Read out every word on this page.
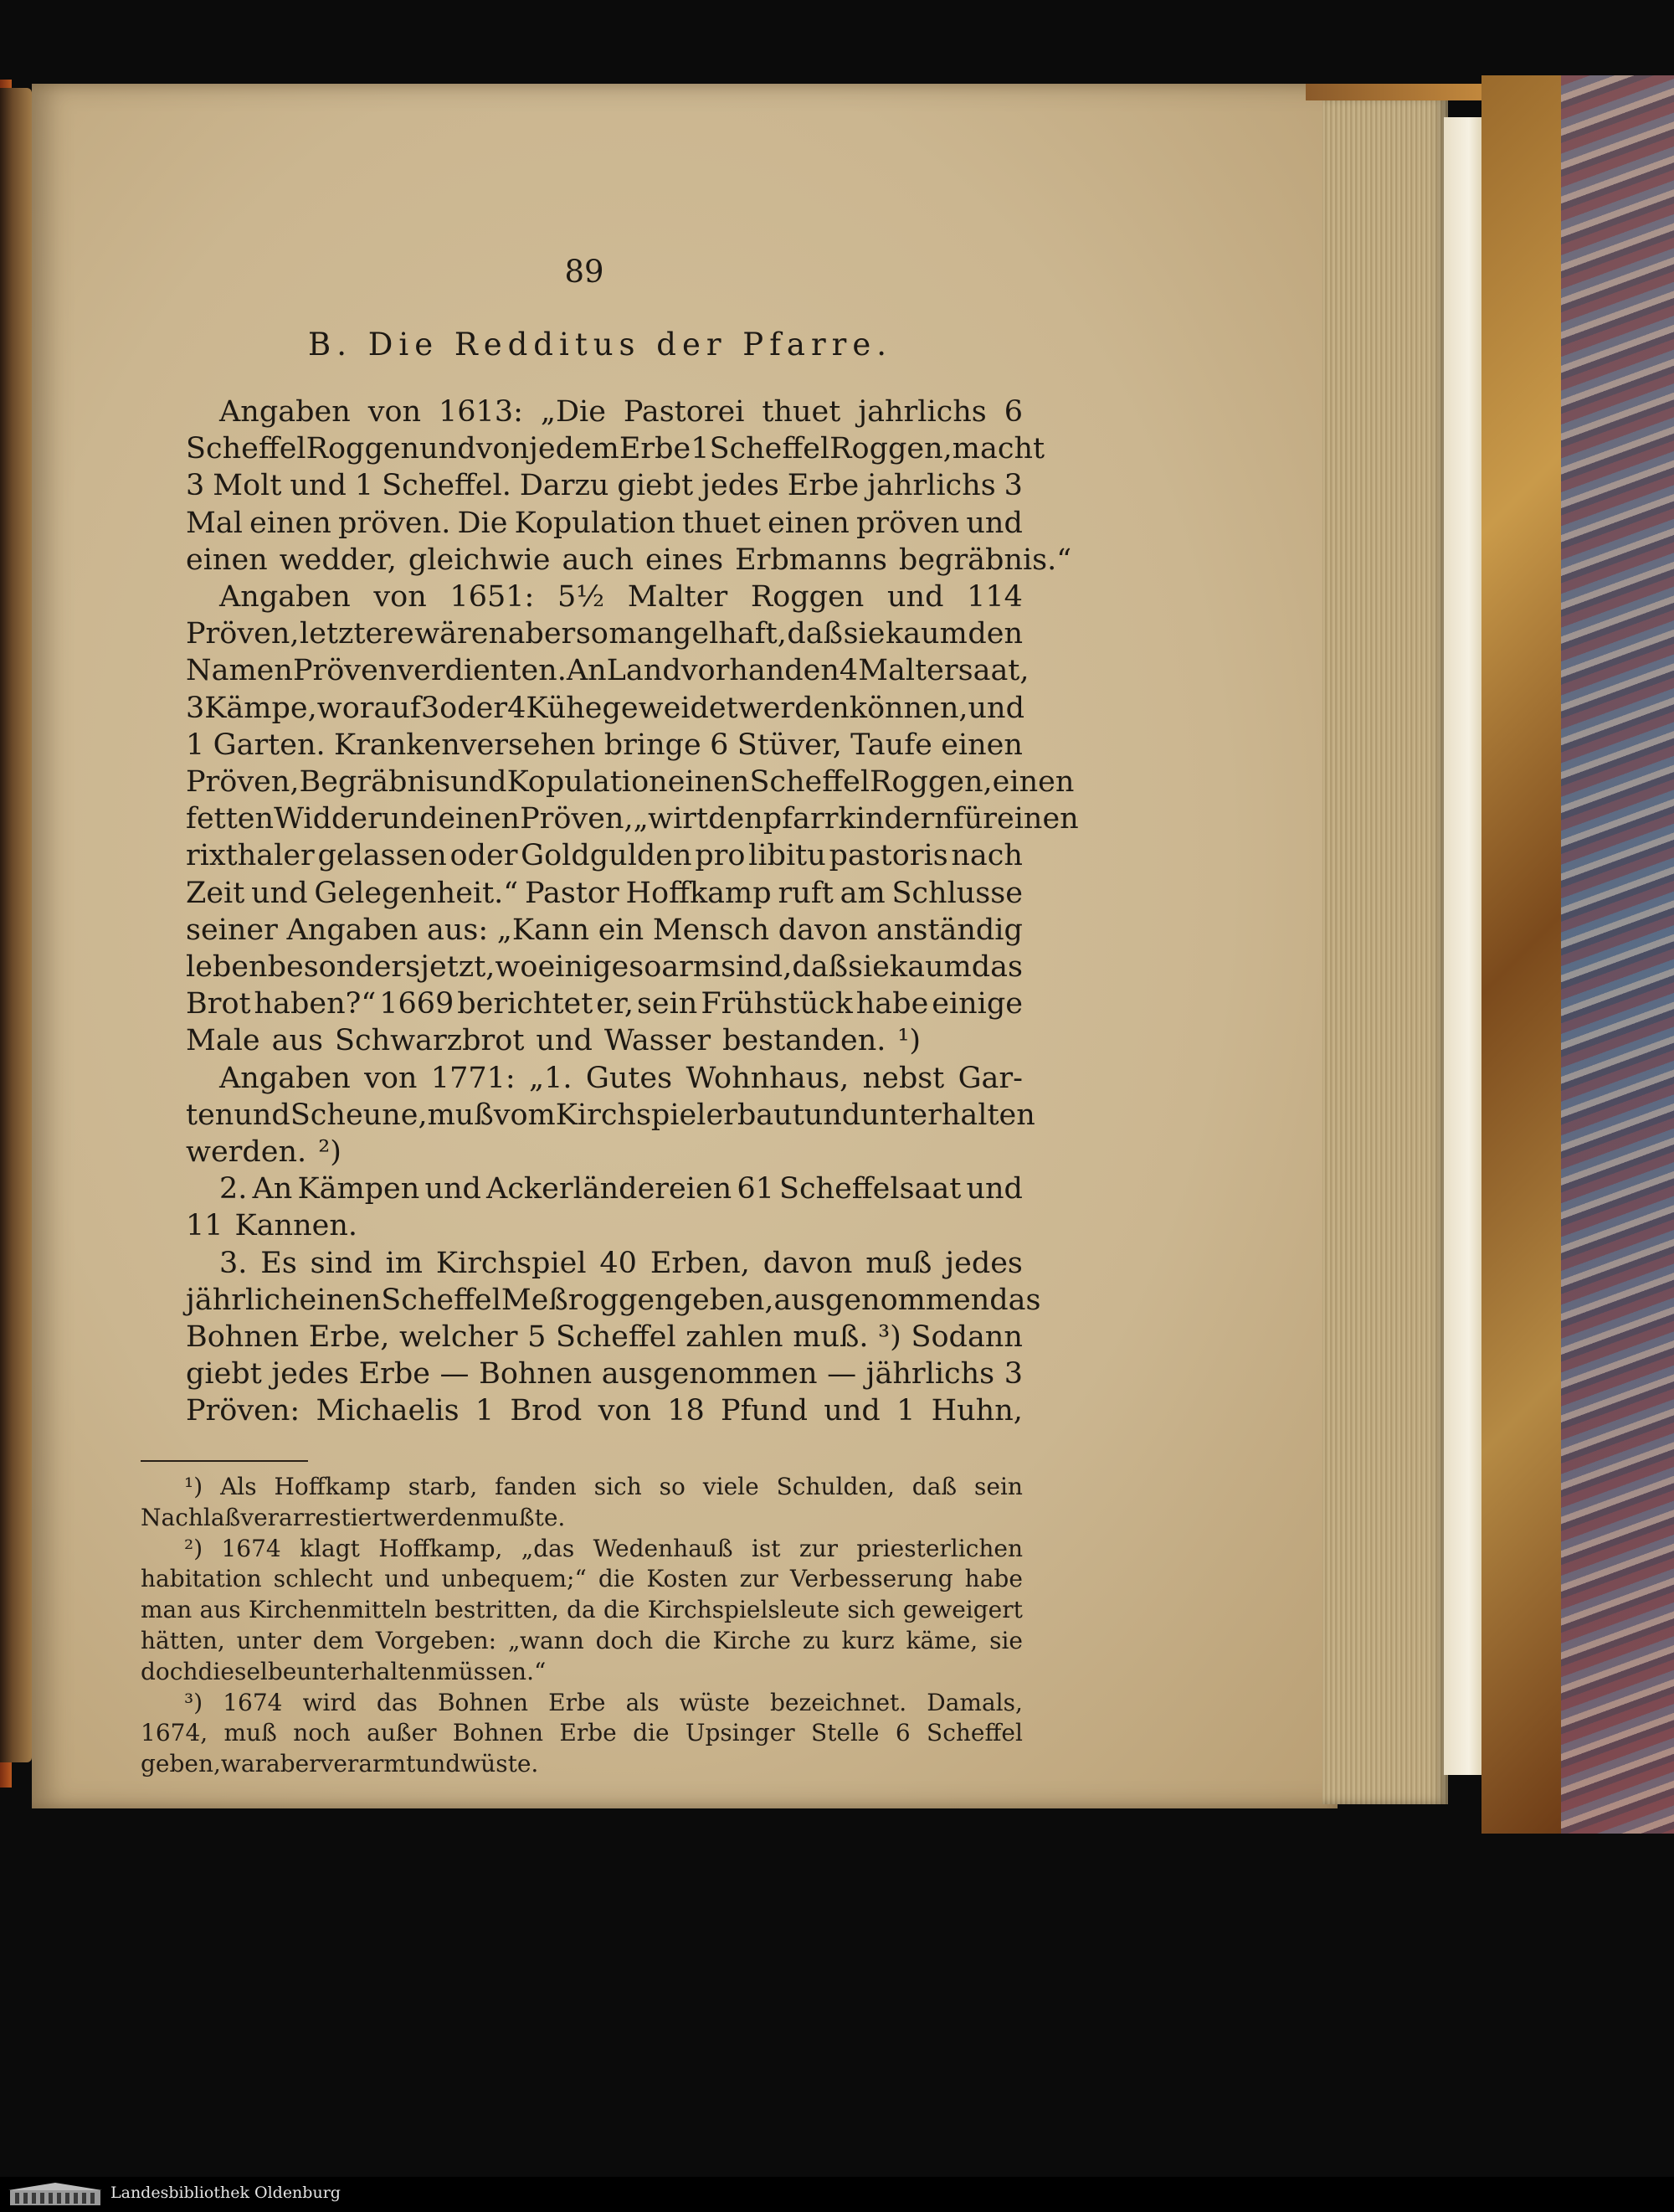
89
B. Die Redditus der Pfarre.
Angaben von 1613: „Die Pastorei thuet jahrlichs 6
Scheffel Roggen und von jedem Erbe 1 Scheffel Roggen, macht
3 Molt und 1 Scheffel. Darzu giebt jedes Erbe jahrlichs 3
Mal einen pröven. Die Kopulation thuet einen pröven und
einen wedder, gleichwie auch eines Erbmanns begräbnis.“
Angaben von 1651: 5½ Malter Roggen und 114
Pröven, letztere wären aber so mangelhaft, daß sie kaum den
Namen Pröven verdienten. An Land vorhanden 4 Maltersaat,
3 Kämpe, worauf 3 oder 4 Kühe geweidet werden können, und
1 Garten. Krankenversehen bringe 6 Stüver, Taufe einen
Pröven, Begräbnis und Kopulation einen Scheffel Roggen, einen
fetten Widder und einen Pröven, „wirt den pfarrkindern für einen
rixthaler gelassen oder Goldgulden pro libitu pastoris nach
Zeit und Gelegenheit.“ Pastor Hoffkamp ruft am Schlusse
seiner Angaben aus: „Kann ein Mensch davon anständig
leben besonders jetzt, wo einige so arm sind, daß sie kaum das
Brot haben?“ 1669 berichtet er, sein Frühstück habe einige
Male aus Schwarzbrot und Wasser bestanden. ¹)
Angaben von 1771: „1. Gutes Wohnhaus, nebst Gar-
ten und Scheune, muß vom Kirchspiel erbaut und unterhalten
werden. ²)
2. An Kämpen und Ackerländereien 61 Scheffelsaat und
11 Kannen.
3. Es sind im Kirchspiel 40 Erben, davon muß jedes
jährlich einen Scheffel Meßroggen geben, ausgenommen das
Bohnen Erbe, welcher 5 Scheffel zahlen muß. ³) Sodann
giebt jedes Erbe — Bohnen ausgenommen — jährlichs 3
Pröven: Michaelis 1 Brod von 18 Pfund und 1 Huhn,
¹) Als Hoffkamp starb, fanden sich so viele Schulden, daß sein
Nachlaß verarrestiert werden mußte.
²) 1674 klagt Hoffkamp, „das Wedenhauß ist zur priesterlichen
habitation schlecht und unbequem;“ die Kosten zur Verbesserung habe
man aus Kirchenmitteln bestritten, da die Kirchspielsleute sich geweigert
hätten, unter dem Vorgeben: „wann doch die Kirche zu kurz käme, sie
doch dieselbe unterhalten müssen.“
³) 1674 wird das Bohnen Erbe als wüste bezeichnet. Damals,
1674, muß noch außer Bohnen Erbe die Upsinger Stelle 6 Scheffel
geben, war aber verarmt und wüste.
Landesbibliothek Oldenburg
